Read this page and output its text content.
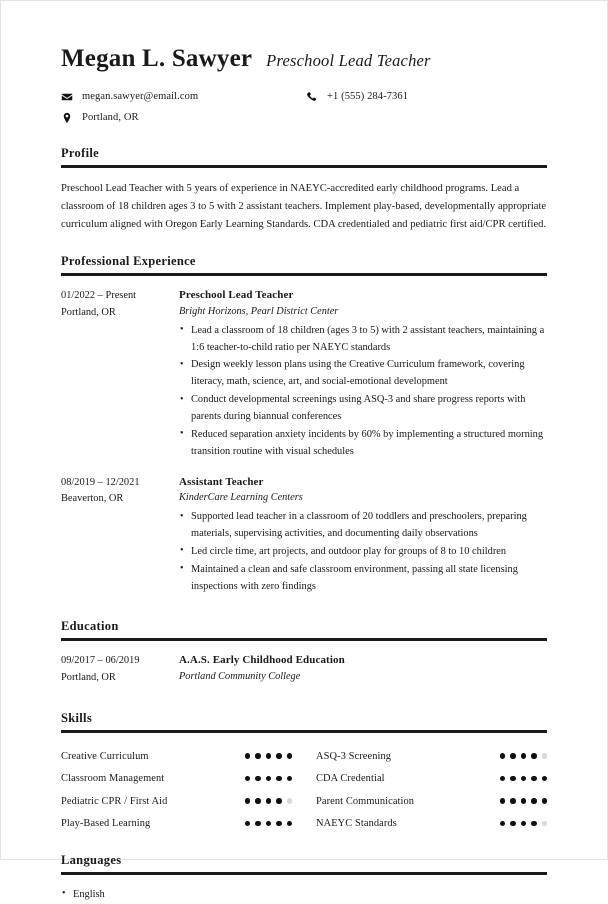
Megan L. Sawyer Preschool Lead Teacher
megan.sawyer@email.com	+1 (555) 284-7361
Portland, OR
Profile
Preschool Lead Teacher with 5 years of experience in NAEYC-accredited early childhood programs. Lead a classroom of 18 children ages 3 to 5 with 2 assistant teachers. Implement play-based, developmentally appropriate curriculum aligned with Oregon Early Learning Standards. CDA credentialed and pediatric first aid/CPR certified.
Professional Experience
01/2022 – Present
Portland, OR
Preschool Lead Teacher
Bright Horizons, Pearl District Center
• Lead a classroom of 18 children (ages 3 to 5) with 2 assistant teachers, maintaining a 1:6 teacher-to-child ratio per NAEYC standards
• Design weekly lesson plans using the Creative Curriculum framework, covering literacy, math, science, art, and social-emotional development
• Conduct developmental screenings using ASQ-3 and share progress reports with parents during biannual conferences
• Reduced separation anxiety incidents by 60% by implementing a structured morning transition routine with visual schedules
08/2019 – 12/2021
Beaverton, OR
Assistant Teacher
KinderCare Learning Centers
• Supported lead teacher in a classroom of 20 toddlers and preschoolers, preparing materials, supervising activities, and documenting daily observations
• Led circle time, art projects, and outdoor play for groups of 8 to 10 children
• Maintained a clean and safe classroom environment, passing all state licensing inspections with zero findings
Education
09/2017 – 06/2019
Portland, OR
A.A.S. Early Childhood Education
Portland Community College
Skills
Creative Curriculum	ASQ-3 Screening
Classroom Management	CDA Credential
Pediatric CPR / First Aid	Parent Communication
Play-Based Learning	NAEYC Standards
Languages
• English
